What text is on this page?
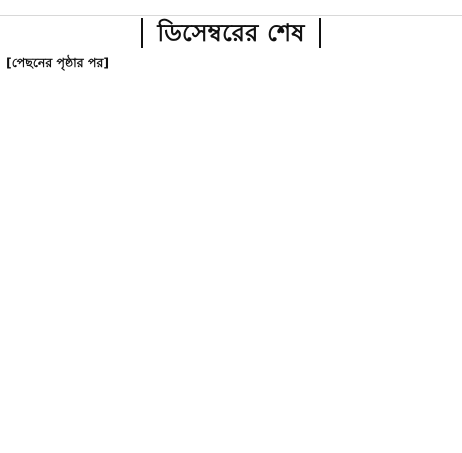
ডিসেম্বরের শেষ
[পেছনের পৃষ্ঠার পর]
